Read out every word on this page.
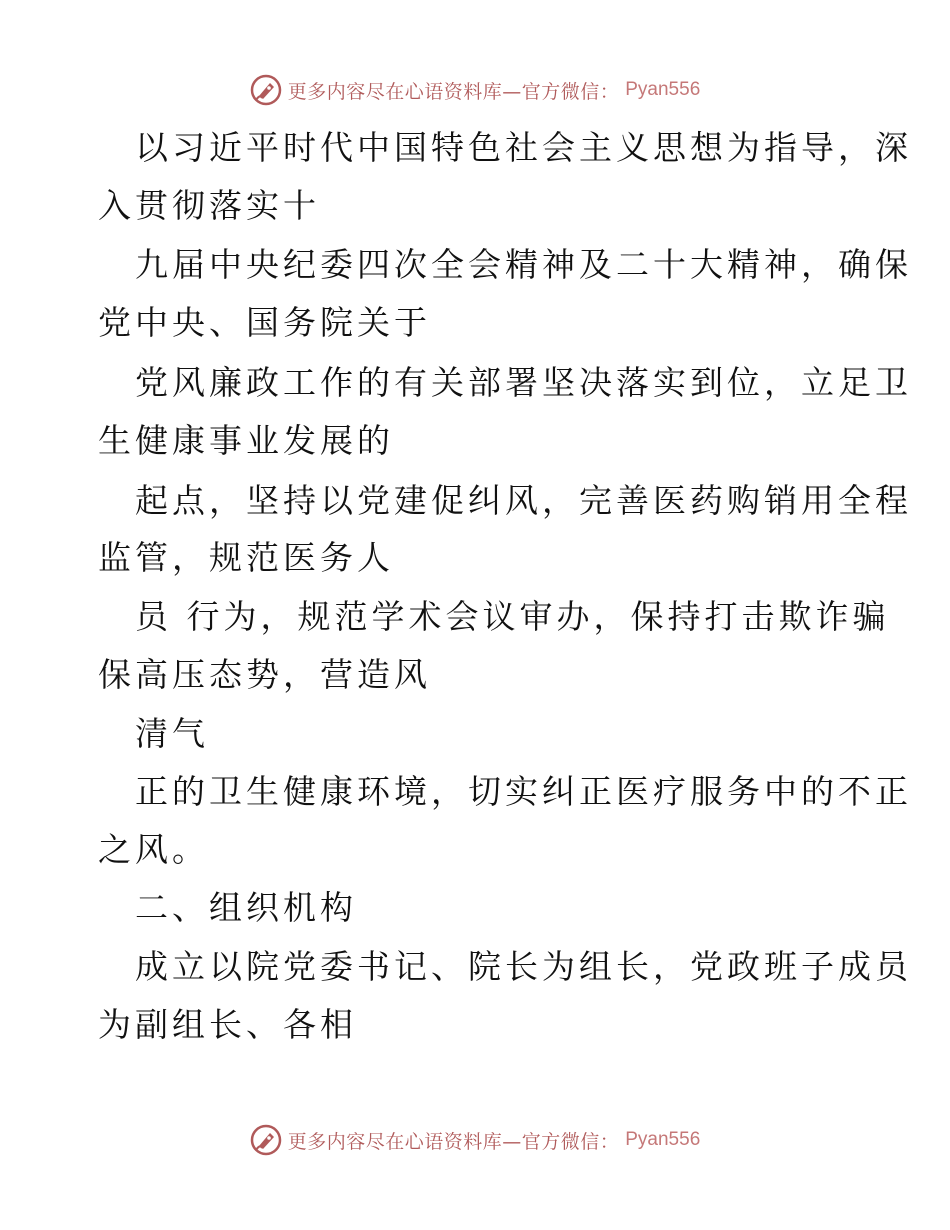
更多内容尽在心语资料库—官方微信： Pyan556
以习近平时代中国特色社会主义思想为指导，深
入贯彻落实十
九届中央纪委四次全会精神及二十大精神，确保
党中央、国务院关于
党风廉政工作的有关部署坚决落实到位，立足卫
生健康事业发展的
起点，坚持以党建促纠风，完善医药购销用全程
监管，规范医务人
员 行为，规范学术会议审办，保持打击欺诈骗
保高压态势，营造风
清气
正的卫生健康环境，切实纠正医疗服务中的不正
之风。
二、组织机构
成立以院党委书记、院长为组长，党政班子成员
为副组长、各相
更多内容尽在心语资料库—官方微信： Pyan556
